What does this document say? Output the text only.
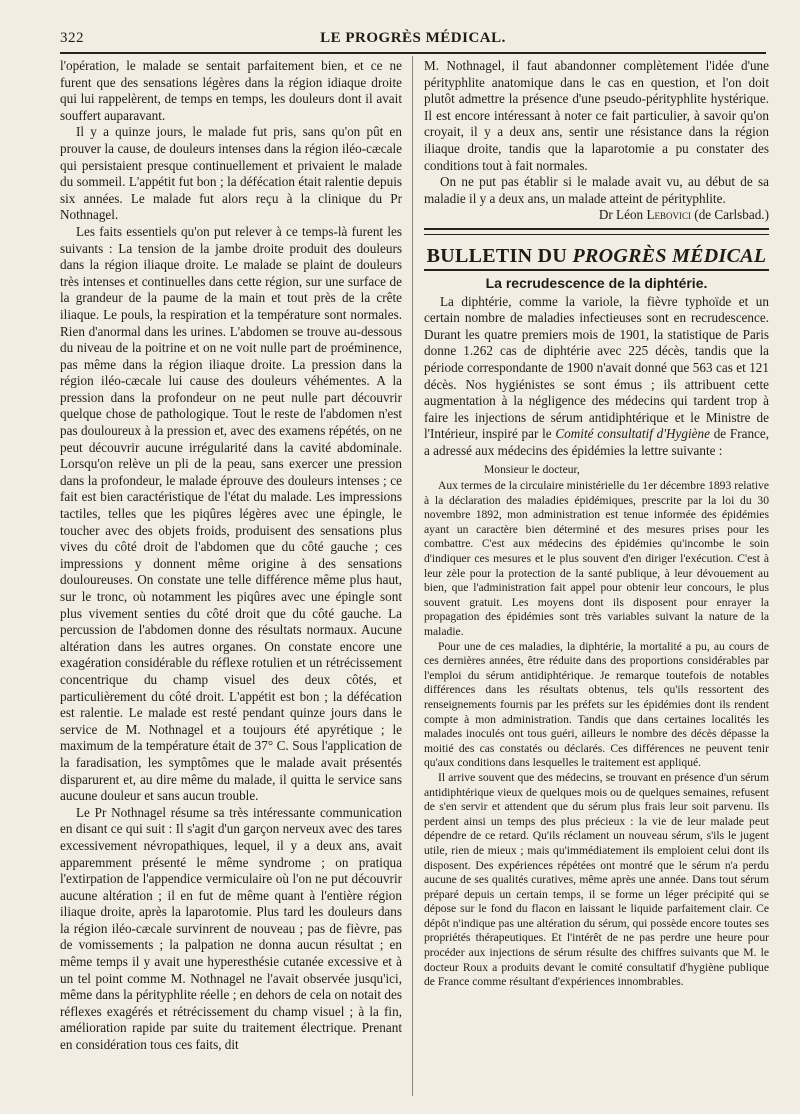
322	LE PROGRÈS MÉDICAL.

l'opération, le malade se sentait parfaitement bien, et ce ne furent que des sensations légères dans la région idiaque droite qui lui rappelèrent, de temps en temps, les douleurs dont il avait souffert auparavant.

Il y a quinze jours, le malade fut pris, sans qu'on pût en prouver la cause, de douleurs intenses dans la région iléo-cæcale qui persistaient presque continuellement et privaient le malade du sommeil. L'appétit fut bon ; la défécation était ralentie depuis six années. Le malade fut alors reçu à la clinique du Pr Nothnagel.

Les faits essentiels qu'on put relever à ce temps-là furent les suivants : La tension de la jambe droite produit des douleurs dans la région iliaque droite. Le malade se plaint de douleurs très intenses et continuelles dans cette région, sur une surface de la grandeur de la paume de la main et tout près de la crête iliaque. Le pouls, la respiration et la température sont normales. Rien d'anormal dans les urines. L'abdomen se trouve au-dessous du niveau de la poitrine et on ne voit nulle part de proéminence, pas même dans la région iliaque droite. La pression dans la région iléo-cæcale lui cause des douleurs véhémentes. A la pression dans la profondeur on ne peut nulle part découvrir quelque chose de pathologique. Tout le reste de l'abdomen n'est pas douloureux à la pression et, avec des examens répétés, on ne peut découvrir aucune irrégularité dans la cavité abdominale. Lorsqu'on relève un pli de la peau, sans exercer une pression dans la profondeur, le malade éprouve des douleurs intenses ; ce fait est bien caractéristique de l'état du malade. Les impressions tactiles, telles que les piqûres légères avec une épingle, le toucher avec des objets froids, produisent des sensations plus vives du côté droit de l'abdomen que du côté gauche ; ces impressions y donnent même origine à des sensations douloureuses. On constate une telle différence même plus haut, sur le tronc, où notamment les piqûres avec une épingle sont plus vivement senties du côté droit que du côté gauche. La percussion de l'abdomen donne des résultats normaux. Aucune altération dans les autres organes. On constate encore une exagération considérable du réflexe rotulien et un rétrécissement concentrique du champ visuel des deux côtés, et particulièrement du côté droit. L'appétit est bon ; la défécation est ralentie. Le malade est resté pendant quinze jours dans le service de M. Nothnagel et a toujours été apyrétique ; le maximum de la température était de 37° C. Sous l'application de la faradisation, les symptômes que le malade avait présentés disparurent et, au dire même du malade, il quitta le service sans aucune douleur et sans aucun trouble.

Le Pr Nothnagel résume sa très intéressante communication en disant ce qui suit : Il s'agit d'un garçon nerveux avec des tares excessivement névropathiques, lequel, il y a deux ans, avait apparemment présenté le même syndrome ; on pratiqua l'extirpation de l'appendice vermiculaire où l'on ne put découvrir aucune altération ; il en fut de même quant à l'entière région iliaque droite, après la laparotomie. Plus tard les douleurs dans la région iléo-cæcale survinrent de nouveau ; pas de fièvre, pas de vomissements ; la palpation ne donna aucun résultat ; en même temps il y avait une hyperesthésie cutanée excessive et à un tel point comme M. Nothnagel ne l'avait observée jusqu'ici, même dans la pérityphlite réelle ; en dehors de cela on notait des réflexes exagérés et rétrécissement du champ visuel ; à la fin, amélioration rapide par suite du traitement électrique. Prenant en considération tous ces faits, dit

M. Nothnagel, il faut abandonner complètement l'idée d'une pérityphlite anatomique dans le cas en question, et l'on doit plutôt admettre la présence d'une pseudo-pérityphlite hystérique. Il est encore intéressant à noter ce fait particulier, à savoir qu'on croyait, il y a deux ans, sentir une résistance dans la région iliaque droite, tandis que la laparotomie a pu constater des conditions tout à fait normales.

On ne put pas établir si le malade avait vu, au début de sa maladie il y a deux ans, un malade atteint de pérityphlite.

Dr Léon Lebovici (de Carlsbad.)
BULLETIN DU PROGRÈS MÉDICAL
La recrudescence de la diphtérie.

La diphtérie, comme la variole, la fièvre typhoïde et un certain nombre de maladies infectieuses sont en recrudescence. Durant les quatre premiers mois de 1901, la statistique de Paris donne 1.262 cas de diphtérie avec 225 décès, tandis que la période correspondante de 1900 n'avait donné que 563 cas et 121 décès. Nos hygiénistes se sont émus ; ils attribuent cette augmentation à la négligence des médecins qui tardent trop à faire les injections de sérum antidiphtérique et le Ministre de l'Intérieur, inspiré par le Comité consultatif d'Hygiène de France, a adressé aux médecins des épidémies la lettre suivante :

Monsieur le docteur,

Aux termes de la circulaire ministérielle du 1er décembre 1893 relative à la déclaration des maladies épidémiques, prescrite par la loi du 30 novembre 1892, mon administration est tenue informée des épidémies ayant un caractère bien déterminé et des mesures prises pour les combattre. C'est aux médecins des épidémies qu'incombe le soin d'indiquer ces mesures et le plus souvent d'en diriger l'exécution. C'est à leur zèle pour la protection de la santé publique, à leur dévouement au bien, que l'administration fait appel pour obtenir leur concours, le plus souvent gratuit. Les moyens dont ils disposent pour enrayer la propagation des épidémies sont très variables suivant la nature de la maladie.

Pour une de ces maladies, la diphtérie, la mortalité a pu, au cours de ces dernières années, être réduite dans des proportions considérables par l'emploi du sérum antidiphtérique. Je remarque toutefois de notables différences dans les résultats obtenus, tels qu'ils ressortent des renseignements fournis par les préfets sur les épidémies dont ils rendent compte à mon administration. Tandis que dans certaines localités les malades inoculés ont tous guéri, ailleurs le nombre des décès dépasse la moitié des cas constatés ou déclarés. Ces différences ne peuvent tenir qu'aux conditions dans lesquelles le traitement est appliqué.

Il arrive souvent que des médecins, se trouvant en présence d'un sérum antidiphtérique vieux de quelques mois ou de quelques semaines, refusent de s'en servir et attendent que du sérum plus frais leur soit parvenu. Ils perdent ainsi un temps des plus précieux : la vie de leur malade peut dépendre de ce retard. Qu'ils réclament un nouveau sérum, s'ils le jugent utile, rien de mieux ; mais qu'immédiatement ils emploient celui dont ils disposent. Des expériences répétées ont montré que le sérum n'a perdu aucune de ses qualités curatives, même après une année. Dans tout sérum préparé depuis un certain temps, il se forme un léger précipité qui se dépose sur le fond du flacon en laissant le liquide parfaitement clair. Ce dépôt n'indique pas une altération du sérum, qui possède encore toutes ses propriétés thérapeutiques. Et l'intérêt de ne pas perdre une heure pour procéder aux injections de sérum résulte des chiffres suivants que M. le docteur Roux a produits devant le comité consultatif d'hygiène publique de France comme résultant d'expériences innombrables.
